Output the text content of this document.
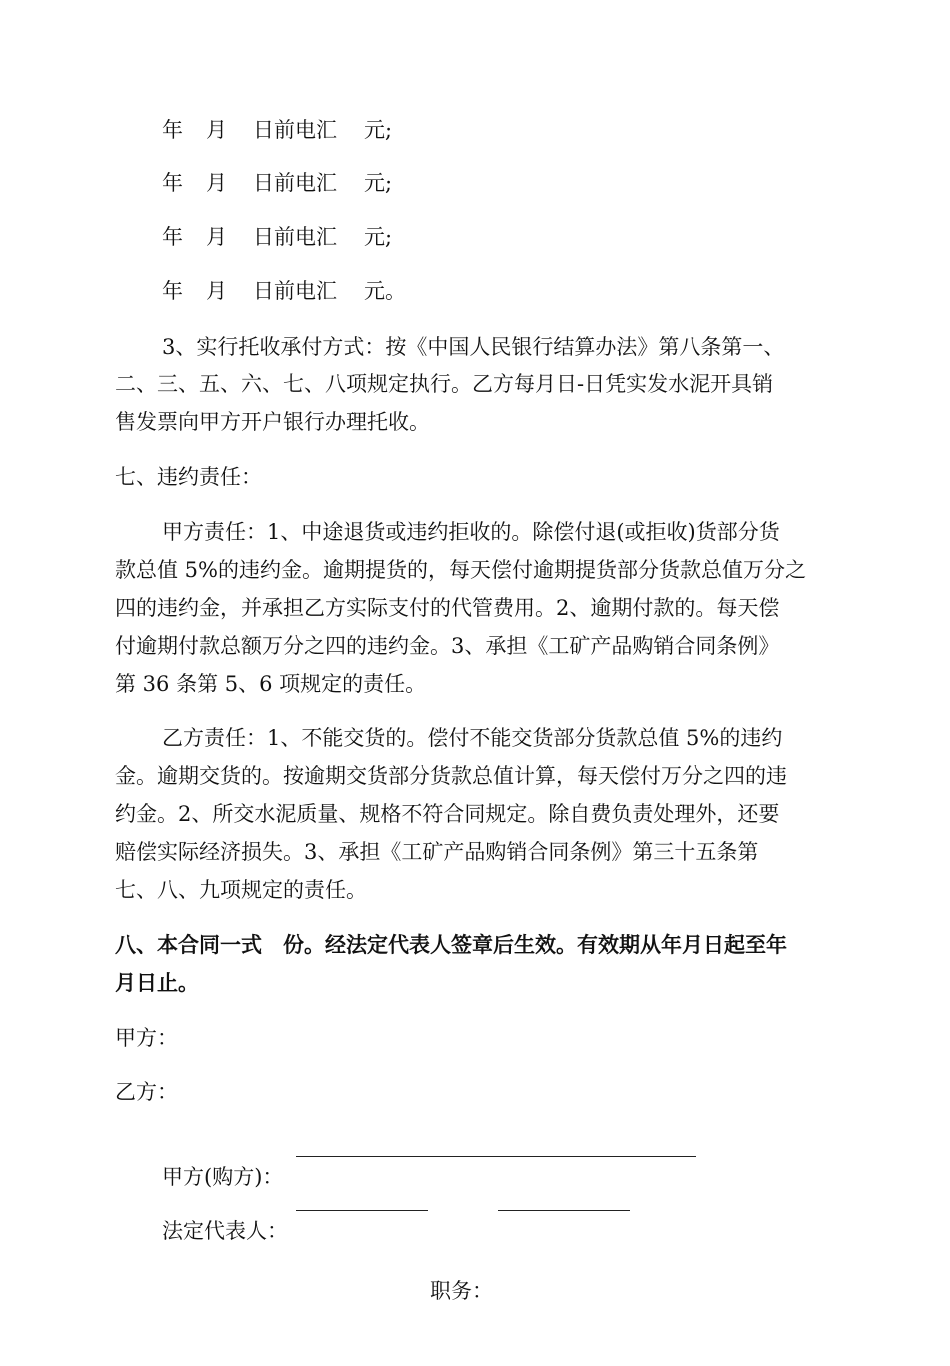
年

月

日前电汇

元;

年

月

日前电汇

元;

年

月

日前电汇

元;

年

月

日前电汇

元。

3、实行托收承付方式：按《中国人民银行结算办法》第八条第一、
二、三、五、六、七、八项规定执行。乙方每月日-日凭实发水泥开具销
售发票向甲方开户银行办理托收。
七、违约责任：
甲方责任：1、中途退货或违约拒收的。除偿付退(或拒收)货部分货
款总值 5%的违约金。逾期提货的，每天偿付逾期提货部分货款总值万分之
四的违约金，并承担乙方实际支付的代管费用。2、逾期付款的。每天偿
付逾期付款总额万分之四的违约金。3、承担《工矿产品购销合同条例》
第 36 条第 5、6 项规定的责任。
乙方责任：1、不能交货的。偿付不能交货部分货款总值 5%的违约
金。逾期交货的。按逾期交货部分货款总值计算，每天偿付万分之四的违
约金。2、所交水泥质量、规格不符合同规定。除自费负责处理外，还要
赔偿实际经济损失。3、承担《工矿产品购销合同条例》第三十五条第
七、八、九项规定的责任。
八、本合同一式　份。经法定代表人签章后生效。有效期从年月日起至年
月日止。
甲方：
乙方：

甲方(购方)：

法定代表人：

职务：
